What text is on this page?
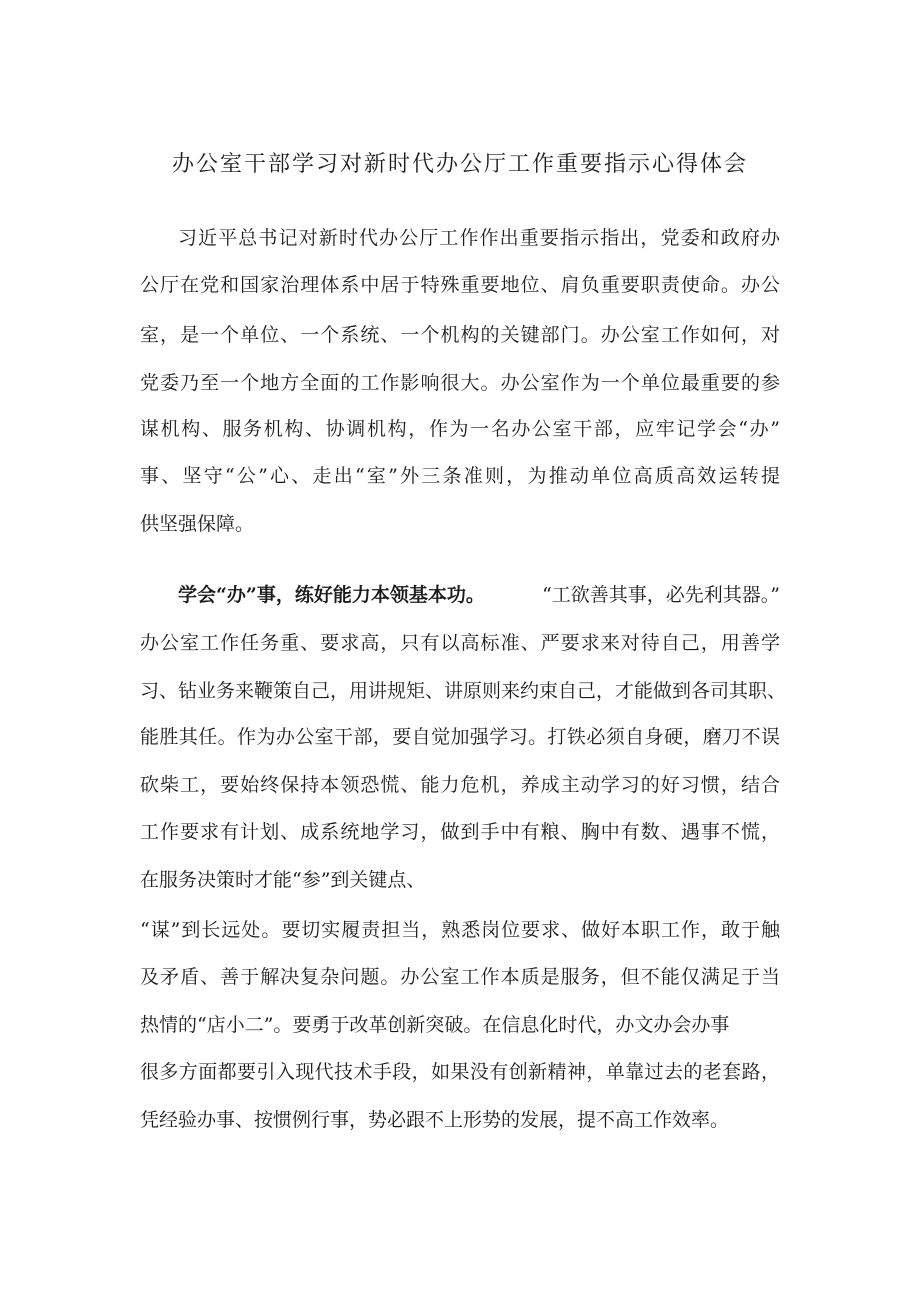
办公室干部学习对新时代办公厅工作重要指示心得体会
习近平总书记对新时代办公厅工作作出重要指示指出，党委和政府办
公厅在党和国家治理体系中居于特殊重要地位、肩负重要职责使命。办公
室，是一个单位、一个系统、一个机构的关键部门。办公室工作如何，对
党委乃至一个地方全面的工作影响很大。办公室作为一个单位最重要的参
谋机构、服务机构、协调机构，作为一名办公室干部，应牢记学会“办”
事、坚守“公”心、走出“室”外三条准则，为推动单位高质高效运转提
供坚强保障。
学会“办”事，练好能力本领基本功。	“工欲善其事，必先利其器。”
办公室工作任务重、要求高，只有以高标准、严要求来对待自己，用善学
习、钻业务来鞭策自己，用讲规矩、讲原则来约束自己，才能做到各司其职、
能胜其任。作为办公室干部，要自觉加强学习。打铁必须自身硬，磨刀不误
砍柴工，要始终保持本领恐慌、能力危机，养成主动学习的好习惯，结合
工作要求有计划、成系统地学习，做到手中有粮、胸中有数、遇事不慌，
在服务决策时才能“参”到关键点、
“谋”到长远处。要切实履责担当，熟悉岗位要求、做好本职工作，敢于触
及矛盾、善于解决复杂问题。办公室工作本质是服务，但不能仅满足于当
热情的“店小二”。要勇于改革创新突破。在信息化时代，办文办会办事
很多方面都要引入现代技术手段，如果没有创新精神，单靠过去的老套路，
凭经验办事、按惯例行事，势必跟不上形势的发展，提不高工作效率。
